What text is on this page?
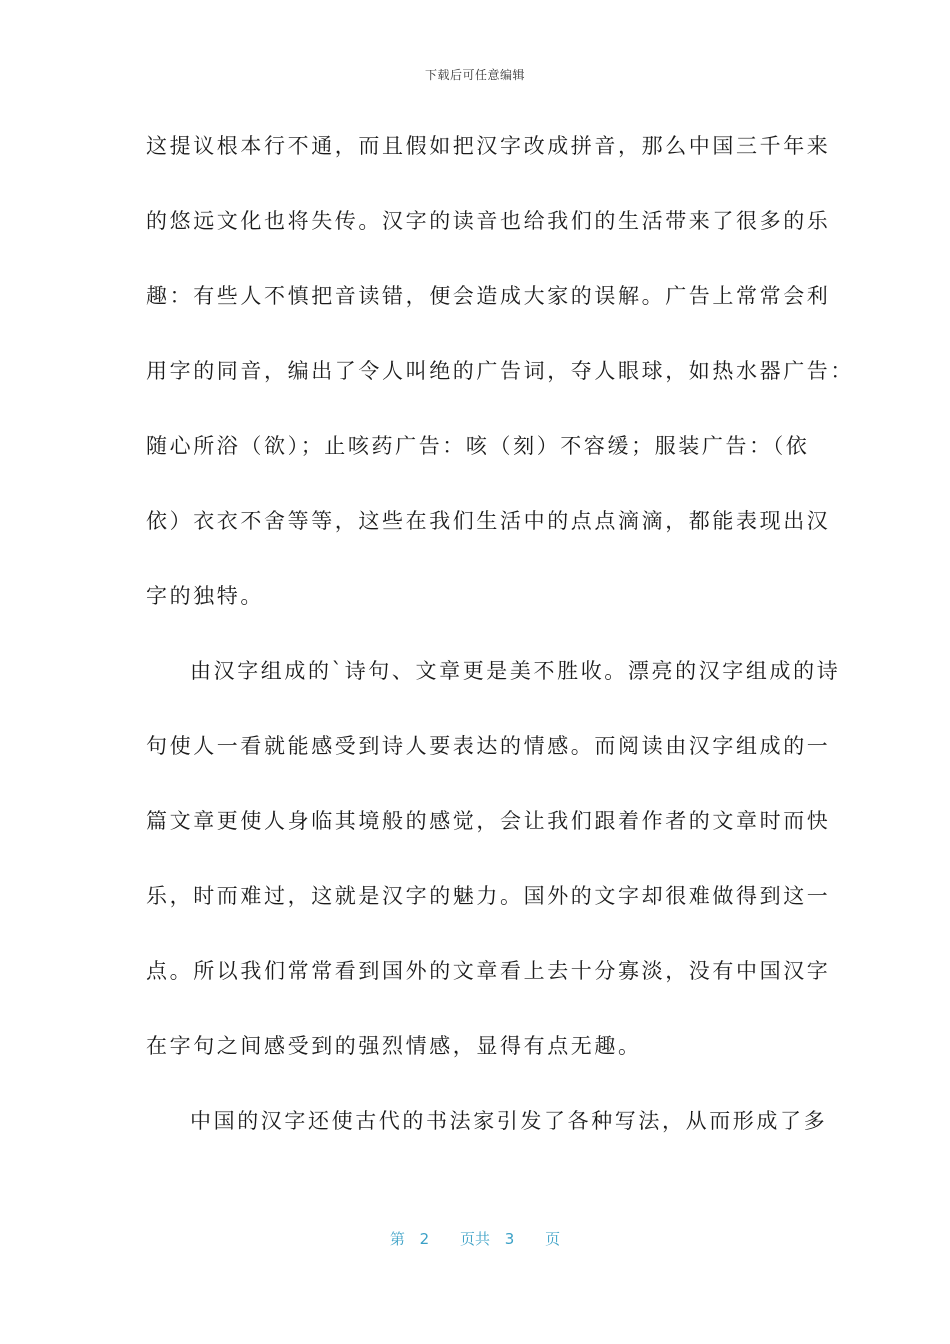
下载后可任意编辑
这提议根本行不通，而且假如把汉字改成拼音，那么中国三千年来
的悠远文化也将失传。汉字的读音也给我们的生活带来了很多的乐
趣：有些人不慎把音读错，便会造成大家的误解。广告上常常会利
用字的同音，编出了令人叫绝的广告词，夺人眼球，如热水器广告：
随心所浴（欲）；止咳药广告：咳（刻）不容缓；服装广告：（依
依）衣衣不舍等等，这些在我们生活中的点点滴滴，都能表现出汉
字的独特。
由汉字组成的`诗句、文章更是美不胜收。漂亮的汉字组成的诗
句使人一看就能感受到诗人要表达的情感。而阅读由汉字组成的一
篇文章更使人身临其境般的感觉，会让我们跟着作者的文章时而快
乐，时而难过，这就是汉字的魅力。国外的文字却很难做得到这一
点。所以我们常常看到国外的文章看上去十分寡淡，没有中国汉字
在字句之间感受到的强烈情感，显得有点无趣。
中国的汉字还使古代的书法家引发了各种写法，从而形成了多
第 2 页共 3 页
